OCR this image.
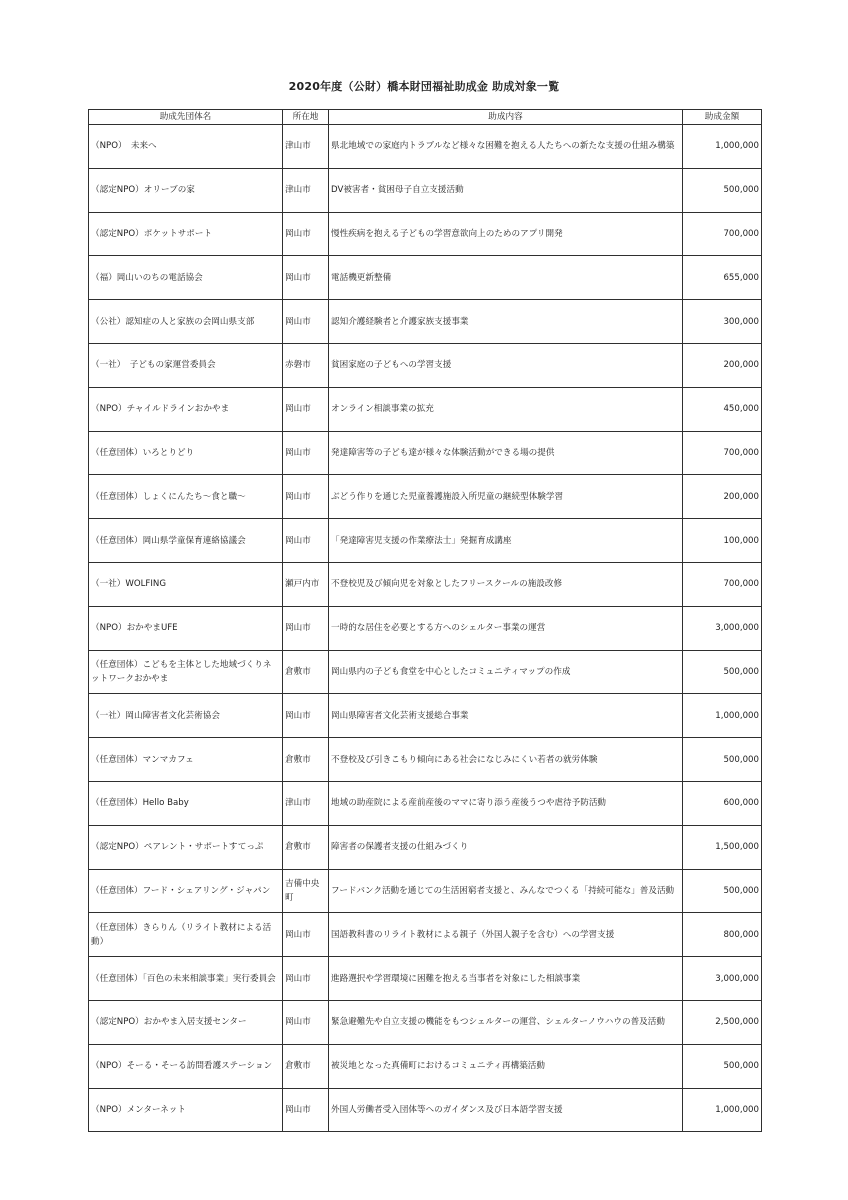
2020年度（公財）橋本財団福祉助成金 助成対象一覧
助成先団体名	所在地	助成内容	助成金額
（NPO）　未来へ	津山市	県北地域での家庭内トラブルなど様々な困難を抱える人たちへの新たな支援の仕組み構築	1,000,000
（認定NPO）オリーブの家	津山市	DV被害者・貧困母子自立支援活動	500,000
（認定NPO）ポケットサポート	岡山市	慢性疾病を抱える子どもの学習意欲向上のためのアプリ開発	700,000
（福）岡山いのちの電話協会	岡山市	電話機更新整備	655,000
（公社）認知症の人と家族の会岡山県支部	岡山市	認知介護経験者と介護家族支援事業	300,000
（一社）　子どもの家運営委員会	赤磐市	貧困家庭の子どもへの学習支援	200,000
（NPO）チャイルドラインおかやま	岡山市	オンライン相談事業の拡充	450,000
（任意団体）いろとりどり	岡山市	発達障害等の子ども達が様々な体験活動ができる場の提供	700,000
（任意団体）しょくにんたち〜食と職〜	岡山市	ぶどう作りを通じた児童養護施設入所児童の継続型体験学習	200,000
（任意団体）岡山県学童保育連絡協議会	岡山市	「発達障害児支援の作業療法士」発掘育成講座	100,000
（一社）WOLFING	瀬戸内市	不登校児及び傾向児を対象としたフリースクールの施設改修	700,000
（NPO）おかやまUFE	岡山市	一時的な居住を必要とする方へのシェルター事業の運営	3,000,000
（任意団体）こどもを主体とした地域づくりネットワークおかやま	倉敷市	岡山県内の子ども食堂を中心としたコミュニティマップの作成	500,000
（一社）岡山障害者文化芸術協会	岡山市	岡山県障害者文化芸術支援総合事業	1,000,000
（任意団体）マンマカフェ	倉敷市	不登校及び引きこもり傾向にある社会になじみにくい若者の就労体験	500,000
（任意団体）Hello Baby	津山市	地域の助産院による産前産後のママに寄り添う産後うつや虐待予防活動	600,000
（認定NPO）ペアレント・サポートすてっぷ	倉敷市	障害者の保護者支援の仕組みづくり	1,500,000
（任意団体）フード・シェアリング・ジャパン	吉備中央町	フードバンク活動を通じての生活困窮者支援と、みんなでつくる「持続可能な」普及活動	500,000
（任意団体）きらりん（リライト教材による活動）	岡山市	国語教科書のリライト教材による親子（外国人親子を含む）への学習支援	800,000
（任意団体）「百色の未来相談事業」実行委員会	岡山市	進路選択や学習環境に困難を抱える当事者を対象にした相談事業	3,000,000
（認定NPO）おかやま入居支援センター	岡山市	緊急避難先や自立支援の機能をもつシェルターの運営、シェルターノウハウの普及活動	2,500,000
（NPO）そーる・そーる訪問看護ステーション	倉敷市	被災地となった真備町におけるコミュニティ再構築活動	500,000
（NPO）メンターネット	岡山市	外国人労働者受入団体等へのガイダンス及び日本語学習支援	1,000,000
